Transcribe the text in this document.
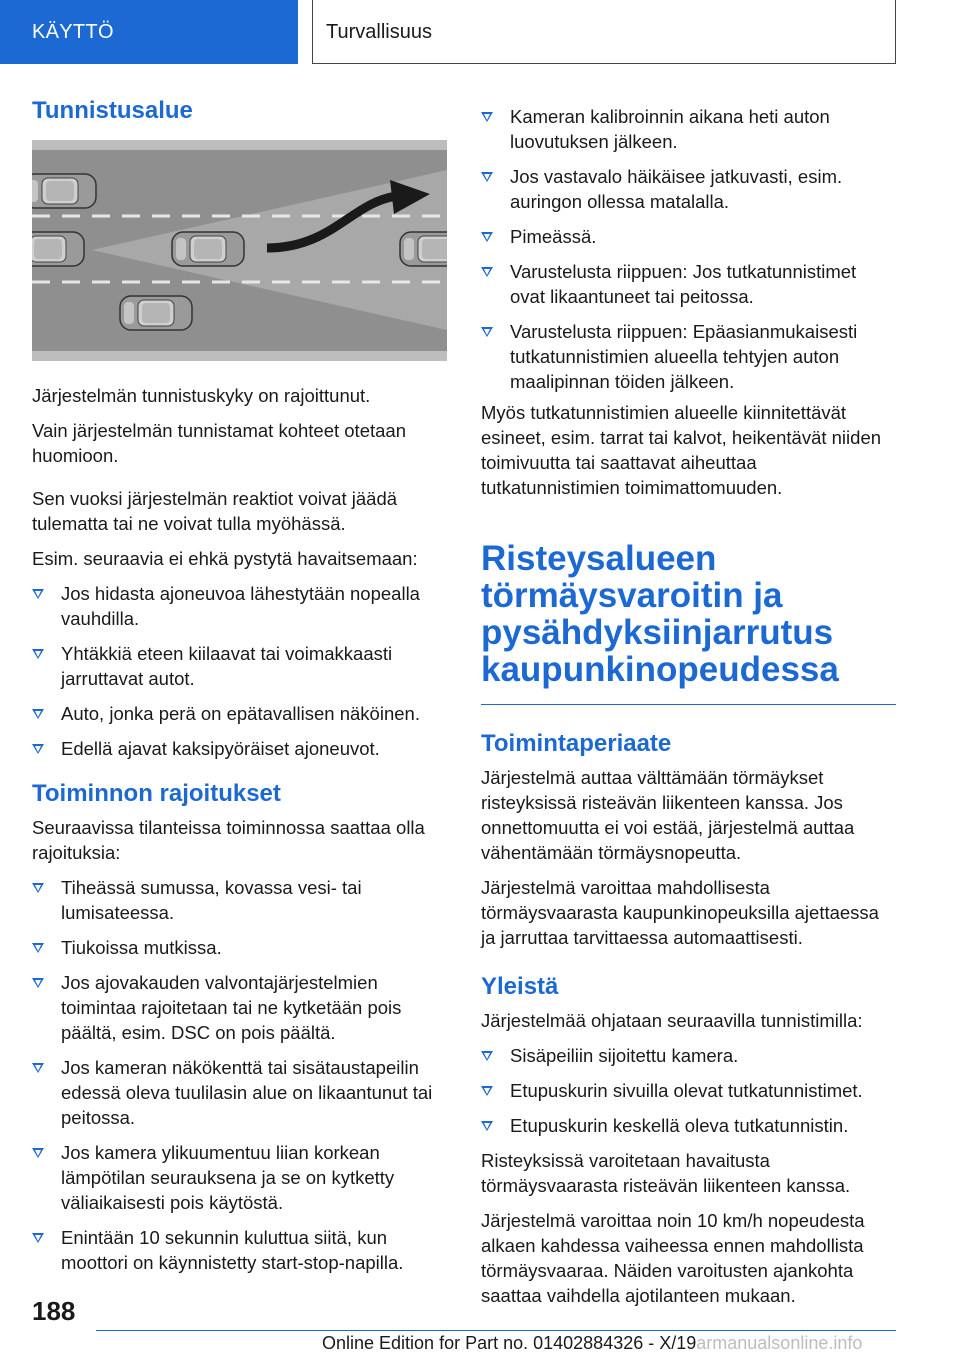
KÄYTTÖ	Turvallisuus
Tunnistusalue

Järjestelmän tunnistuskyky on rajoittunut.

Vain järjestelmän tunnistamat kohteet otetaan huomioon.

Sen vuoksi järjestelmän reaktiot voivat jäädä tulematta tai ne voivat tulla myöhässä.

Esim. seuraavia ei ehkä pystytä havaitsemaan:

Jos hidasta ajoneuvoa lähestytään nopealla vauhdilla.
Yhtäkkiä eteen kiilaavat tai voimakkaasti jarruttavat autot.
Auto, jonka perä on epätavallisen näköinen.
Edellä ajavat kaksipyöräiset ajoneuvot.
Toiminnon rajoitukset

Seuraavissa tilanteissa toiminnossa saattaa olla rajoituksia:

Tiheässä sumussa, kovassa vesi- tai lumisateessa.
Tiukoissa mutkissa.
Jos ajovakauden valvontajärjestelmien toimintaa rajoitetaan tai ne kytketään pois päältä, esim. DSC on pois päältä.
Jos kameran näkökenttä tai sisätaustapeilin edessä oleva tuulilasin alue on likaantunut tai peitossa.
Jos kamera ylikuumentuu liian korkean lämpötilan seurauksena ja se on kytketty väliaikaisesti pois käytöstä.
Enintään 10 sekunnin kuluttua siitä, kun moottori on käynnistetty start-stop-napilla.
Kameran kalibroinnin aikana heti auton luovutuksen jälkeen.
Jos vastavalo häikäisee jatkuvasti, esim. auringon ollessa matalalla.
Pimeässä.
Varustelusta riippuen: Jos tutkatunnistimet ovat likaantuneet tai peitossa.
Varustelusta riippuen: Epäasianmukaisesti tutkatunnistimien alueella tehtyjen auton maalipinnan töiden jälkeen.

Myös tutkatunnistimien alueelle kiinnitettävät esineet, esim. tarrat tai kalvot, heikentävät niiden toimivuutta tai saattavat aiheuttaa tutkatunnistimien toimimattomuuden.

Risteysalueen törmäysvaroitin ja pysähdyksiinjarrutus kaupunkinopeudessa
Toimintaperiaate

Järjestelmä auttaa välttämään törmäykset risteyksissä risteävän liikenteen kanssa. Jos onnettomuutta ei voi estää, järjestelmä auttaa vähentämään törmäysnopeutta.

Järjestelmä varoittaa mahdollisesta törmäysvaarasta kaupunkinopeuksilla ajettaessa ja jarruttaa tarvittaessa automaattisesti.

Yleistä

Järjestelmää ohjataan seuraavilla tunnistimilla:

Sisäpeiliin sijoitettu kamera.
Etupuskurin sivuilla olevat tutkatunnistimet.
Etupuskurin keskellä oleva tutkatunnistin.

Risteyksissä varoitetaan havaitusta törmäysvaarasta risteävän liikenteen kanssa.

Järjestelmä varoittaa noin 10 km/h nopeudesta alkaen kahdessa vaiheessa ennen mahdollista törmäysvaaraa. Näiden varoitusten ajankohta saattaa vaihdella ajotilanteen mukaan.

188
Online Edition for Part no. 01402884326 - X/19armanualsonline.info
